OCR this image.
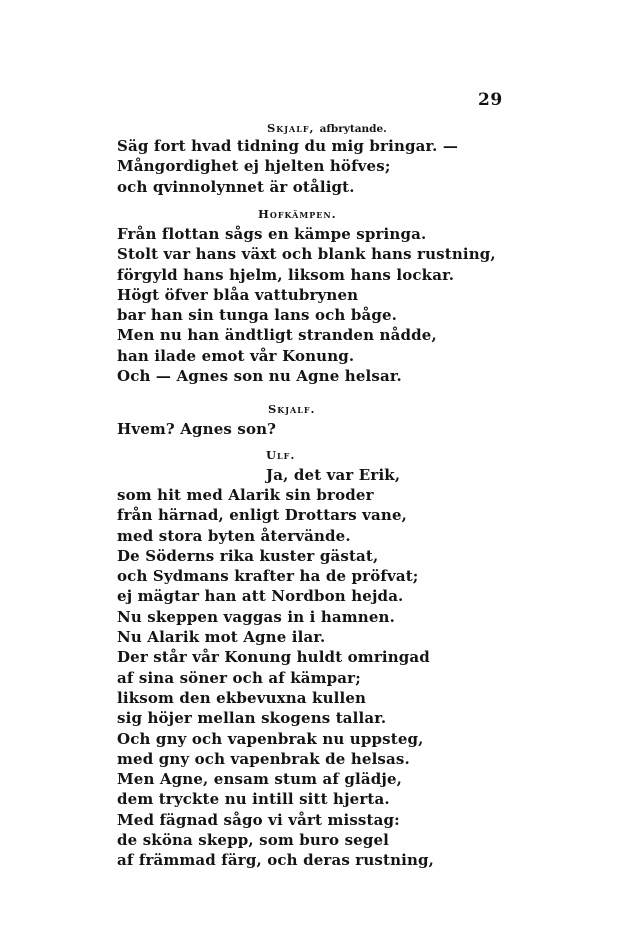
29
Skjalf, afbrytande.
Säg fort hvad tidning du mig bringar. —
Mångordighet ej hjelten höfves;
och qvinnolynnet är otåligt.
Hofkämpen.
Från flottan sågs en kämpe springa.
Stolt var hans växt och blank hans rustning,
förgyld hans hjelm, liksom hans lockar.
Högt öfver blåa vattubrynen
bar han sin tunga lans och båge.
Men nu han ändtligt stranden nådde,
han ilade emot vår Konung.
Och — Agnes son nu Agne helsar.
Skjalf.
Hvem? Agnes son?
Ulf.
Ja, det var Erik,
som hit med Alarik sin broder
från härnad, enligt Drottars vane,
med stora byten återvände.
De Söderns rika kuster gästat,
och Sydmans krafter ha de pröfvat;
ej mägtar han att Nordbon hejda.
Nu skeppen vaggas in i hamnen.
Nu Alarik mot Agne ilar.
Der står vår Konung huldt omringad
af sina söner och af kämpar;
liksom den ekbevuxna kullen
sig höjer mellan skogens tallar.
Och gny och vapenbrak nu uppsteg,
med gny och vapenbrak de helsas.
Men Agne, ensam stum af glädje,
dem tryckte nu intill sitt hjerta.
Med fägnad sågo vi vårt misstag:
de sköna skepp, som buro segel
af främmad färg, och deras rustning,
